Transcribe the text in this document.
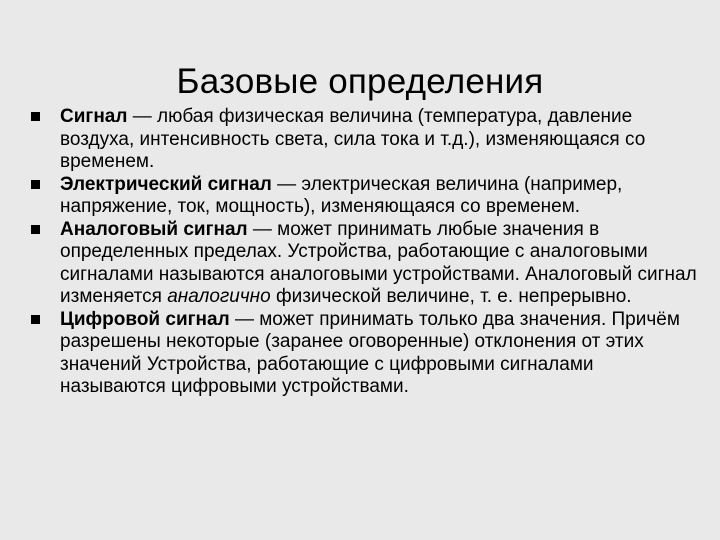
Базовые определения
Сигнал — любая физическая величина (температура, давление воздуха, интенсивность света, сила тока и т.д.), изменяющаяся со временем.
Электрический сигнал — электрическая величина (например, напряжение, ток, мощность), изменяющаяся со временем.
Аналоговый сигнал — может принимать любые значения в определенных пределах. Устройства, работающие с аналоговыми сигналами называются аналоговыми устройствами. Аналоговый сигнал изменяется аналогично физической величине, т. е. непрерывно.
Цифровой сигнал — может принимать только два значения. Причём разрешены некоторые (заранее оговоренные) отклонения от этих значений Устройства, работающие с цифровыми сигналами называются цифровыми устройствами.
